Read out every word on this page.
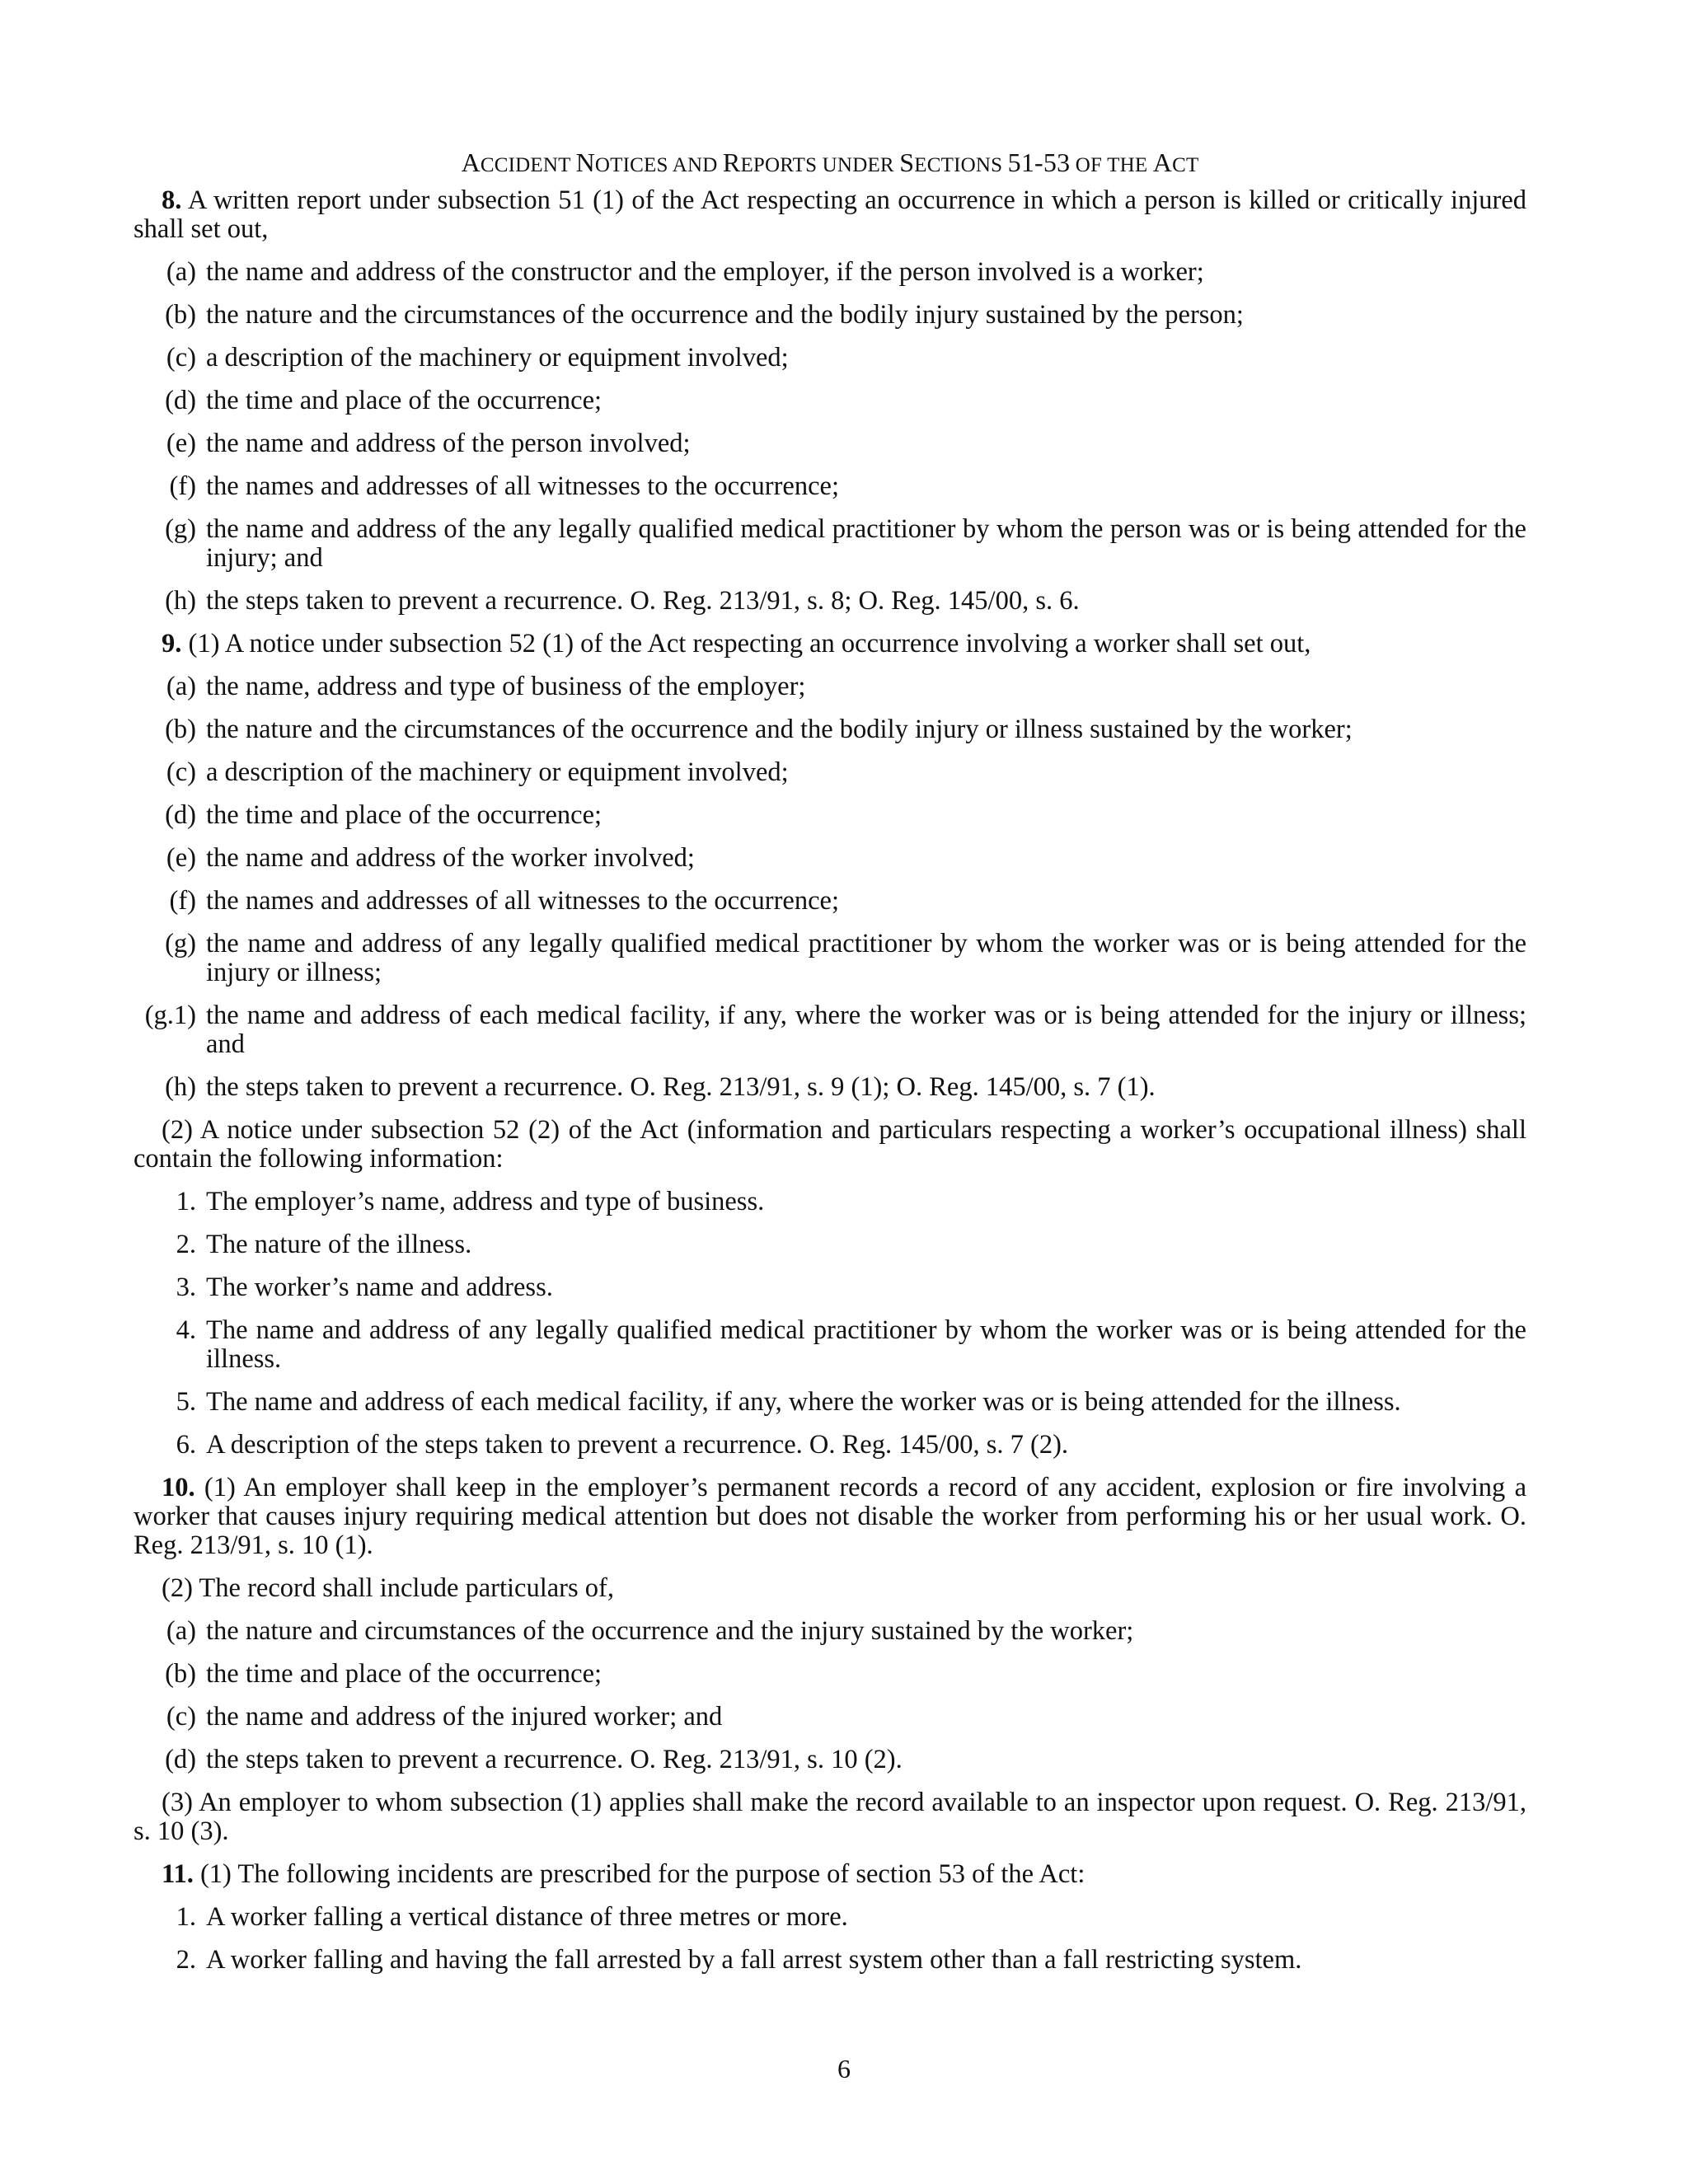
ACCIDENT NOTICES AND REPORTS UNDER SECTIONS 51-53 OF THE ACT
8. A written report under subsection 51 (1) of the Act respecting an occurrence in which a person is killed or critically injured shall set out,
(a) the name and address of the constructor and the employer, if the person involved is a worker;
(b) the nature and the circumstances of the occurrence and the bodily injury sustained by the person;
(c) a description of the machinery or equipment involved;
(d) the time and place of the occurrence;
(e) the name and address of the person involved;
(f) the names and addresses of all witnesses to the occurrence;
(g) the name and address of the any legally qualified medical practitioner by whom the person was or is being attended for the injury; and
(h) the steps taken to prevent a recurrence. O. Reg. 213/91, s. 8; O. Reg. 145/00, s. 6.
9. (1) A notice under subsection 52 (1) of the Act respecting an occurrence involving a worker shall set out,
(a) the name, address and type of business of the employer;
(b) the nature and the circumstances of the occurrence and the bodily injury or illness sustained by the worker;
(c) a description of the machinery or equipment involved;
(d) the time and place of the occurrence;
(e) the name and address of the worker involved;
(f) the names and addresses of all witnesses to the occurrence;
(g) the name and address of any legally qualified medical practitioner by whom the worker was or is being attended for the injury or illness;
(g.1) the name and address of each medical facility, if any, where the worker was or is being attended for the injury or illness; and
(h) the steps taken to prevent a recurrence. O. Reg. 213/91, s. 9 (1); O. Reg. 145/00, s. 7 (1).
(2) A notice under subsection 52 (2) of the Act (information and particulars respecting a worker’s occupational illness) shall contain the following information:
1. The employer’s name, address and type of business.
2. The nature of the illness.
3. The worker’s name and address.
4. The name and address of any legally qualified medical practitioner by whom the worker was or is being attended for the illness.
5. The name and address of each medical facility, if any, where the worker was or is being attended for the illness.
6. A description of the steps taken to prevent a recurrence. O. Reg. 145/00, s. 7 (2).
10. (1) An employer shall keep in the employer’s permanent records a record of any accident, explosion or fire involving a worker that causes injury requiring medical attention but does not disable the worker from performing his or her usual work. O. Reg. 213/91, s. 10 (1).
(2) The record shall include particulars of,
(a) the nature and circumstances of the occurrence and the injury sustained by the worker;
(b) the time and place of the occurrence;
(c) the name and address of the injured worker; and
(d) the steps taken to prevent a recurrence. O. Reg. 213/91, s. 10 (2).
(3) An employer to whom subsection (1) applies shall make the record available to an inspector upon request. O. Reg. 213/91, s. 10 (3).
11. (1) The following incidents are prescribed for the purpose of section 53 of the Act:
1. A worker falling a vertical distance of three metres or more.
2. A worker falling and having the fall arrested by a fall arrest system other than a fall restricting system.
6
